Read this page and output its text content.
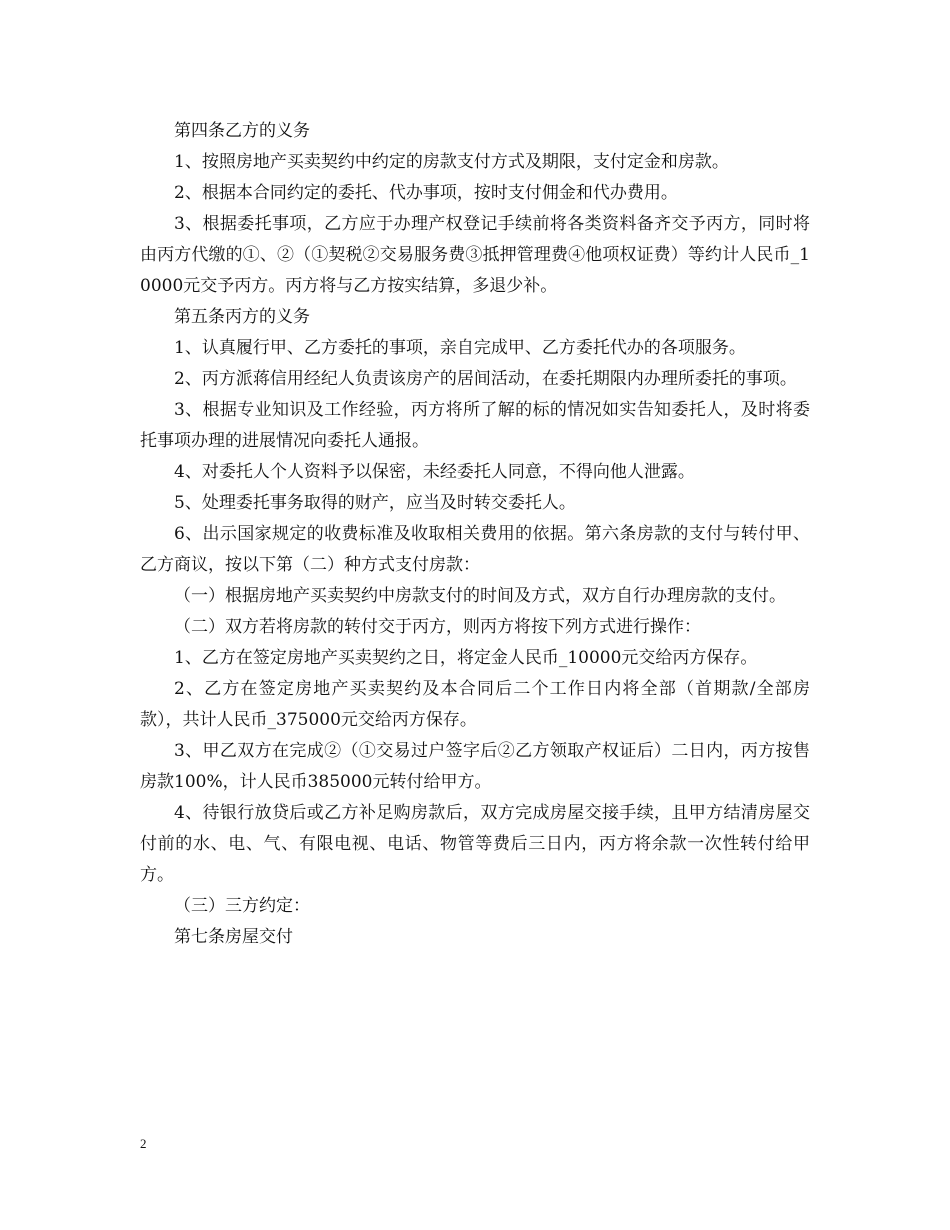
第四条乙方的义务

1、按照房地产买卖契约中约定的房款支付方式及期限，支付定金和房款。

2、根据本合同约定的委托、代办事项，按时支付佣金和代办费用。

3、根据委托事项，乙方应于办理产权登记手续前将各类资料备齐交予丙方，同时将由丙方代缴的①、②（①契税②交易服务费③抵押管理费④他项权证费）等约计人民币_10000元交予丙方。丙方将与乙方按实结算，多退少补。

第五条丙方的义务

1、认真履行甲、乙方委托的事项，亲自完成甲、乙方委托代办的各项服务。

2、丙方派蒋信用经纪人负责该房产的居间活动，在委托期限内办理所委托的事项。

3、根据专业知识及工作经验，丙方将所了解的标的情况如实告知委托人，及时将委托事项办理的进展情况向委托人通报。

4、对委托人个人资料予以保密，未经委托人同意，不得向他人泄露。

5、处理委托事务取得的财产，应当及时转交委托人。

6、出示国家规定的收费标准及收取相关费用的依据。第六条房款的支付与转付甲、乙方商议，按以下第（二）种方式支付房款：

（一）根据房地产买卖契约中房款支付的时间及方式，双方自行办理房款的支付。

（二）双方若将房款的转付交于丙方，则丙方将按下列方式进行操作：

1、乙方在签定房地产买卖契约之日，将定金人民币_10000元交给丙方保存。

2、乙方在签定房地产买卖契约及本合同后二个工作日内将全部（首期款/全部房款），共计人民币_375000元交给丙方保存。

3、甲乙双方在完成②（①交易过户签字后②乙方领取产权证后）二日内，丙方按售房款100%，计人民币385000元转付给甲方。

4、待银行放贷后或乙方补足购房款后，双方完成房屋交接手续，且甲方结清房屋交付前的水、电、气、有限电视、电话、物管等费后三日内，丙方将余款一次性转付给甲方。

（三）三方约定：

第七条房屋交付

2
